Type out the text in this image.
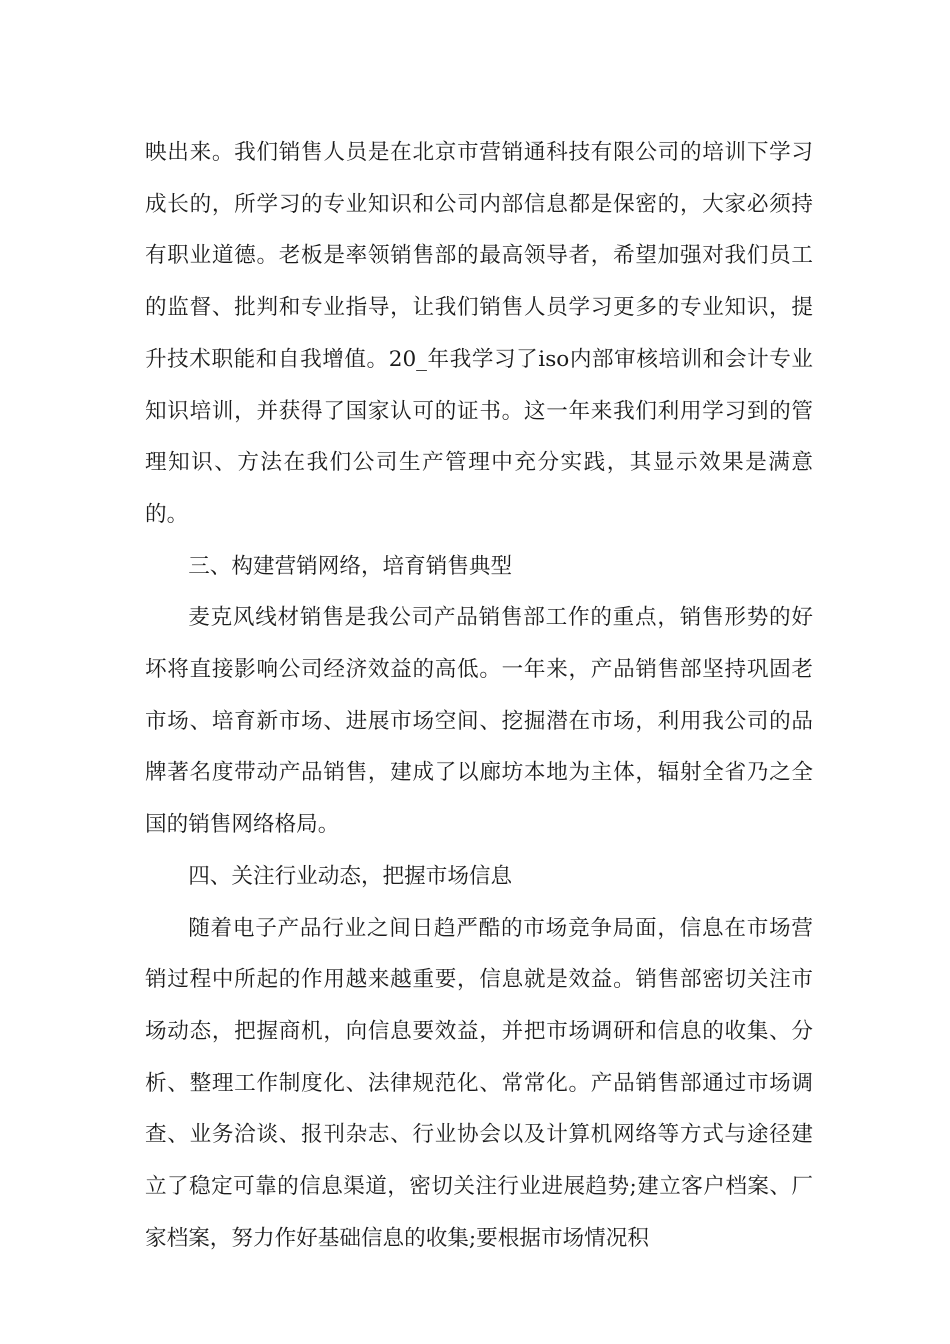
映出来。我们销售人员是在北京市营销通科技有限公司的培训下学习成长的，所学习的专业知识和公司内部信息都是保密的，大家必须持有职业道德。老板是率领销售部的最高领导者，希望加强对我们员工的监督、批判和专业指导，让我们销售人员学习更多的专业知识，提升技术职能和自我增值。20_年我学习了iso内部审核培训和会计专业知识培训，并获得了国家认可的证书。这一年来我们利用学习到的管理知识、方法在我们公司生产管理中充分实践，其显示效果是满意的。

三、构建营销网络，培育销售典型

麦克风线材销售是我公司产品销售部工作的重点，销售形势的好坏将直接影响公司经济效益的高低。一年来，产品销售部坚持巩固老市场、培育新市场、进展市场空间、挖掘潜在市场，利用我公司的品牌著名度带动产品销售，建成了以廊坊本地为主体，辐射全省乃之全国的销售网络格局。

四、关注行业动态，把握市场信息

随着电子产品行业之间日趋严酷的市场竞争局面，信息在市场营销过程中所起的作用越来越重要，信息就是效益。销售部密切关注市场动态，把握商机，向信息要效益，并把市场调研和信息的收集、分析、整理工作制度化、法律规范化、常常化。产品销售部通过市场调查、业务洽谈、报刊杂志、行业协会以及计算机网络等方式与途径建立了稳定可靠的信息渠道，密切关注行业进展趋势;建立客户档案、厂家档案，努力作好基础信息的收集;要根据市场情况积
